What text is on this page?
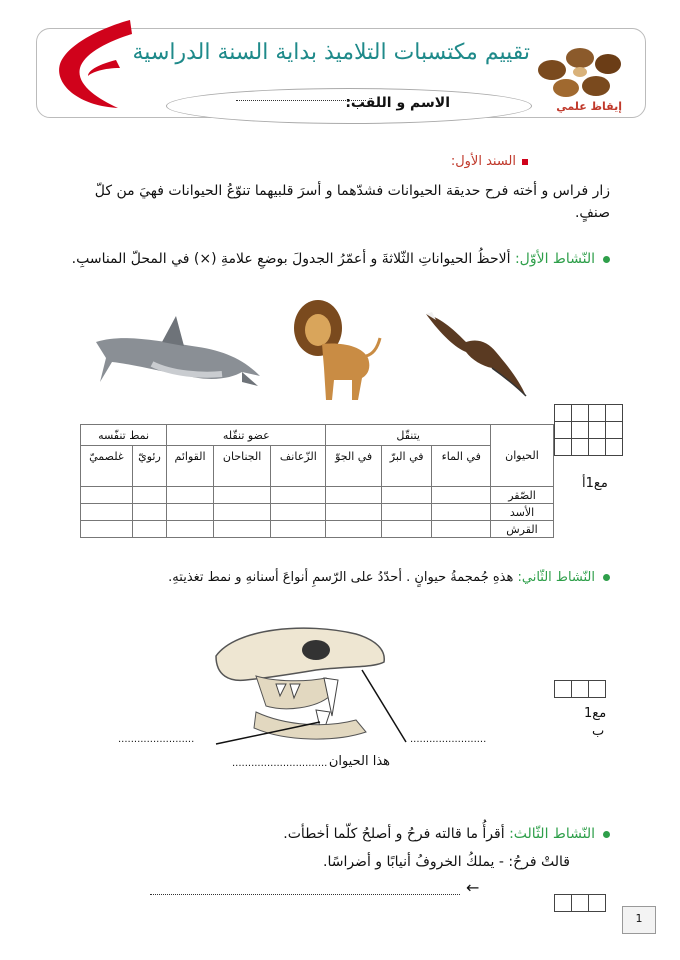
تقييم مكتسبات التلاميذ بداية السنة الدراسية
إيقاظ علمي
الاسم و اللقب:
السند الأول:
زار فراس و أخته فرح حديقة الحيوانات فشدّهما و أسرَ قلبيهما تنوّعُ الحيوانات فهيَ من كلّ صنفٍ.
النّشاط الأوّل: ألاحظُ الحيواناتِ الثّلاثةَ و أعمّرُ الجدولَ بوضعِ علامةِ (×) في المحلّ المناسبِ.

مع1أ
الحيوان	يتنقّل			عضو تنقّله			نمط تنفّسه	
	في الماء	في البرّ	في الجوّ	الزّعانف	الجناحان	القوائم	رئويّ	غلصميّ
الصّقر								
الأسد								
القرش								
النّشاط الثّاني: هذهِ جُمجمةُ حيوانٍ . أحدّدُ على الرّسمِ أنواعَ أسنانهِ و نمط تغذيتهِ.
........................	........................
هذا الحيوان
..............................

مع1
ب
النّشاط الثّالث: أقرأُ ما قالته فرحُ و أصلحُ كلّما أخطأت.
قالتْ فرحُ: - يملكُ الخروفُ أنيابًا و أضراسًا.
←

1
